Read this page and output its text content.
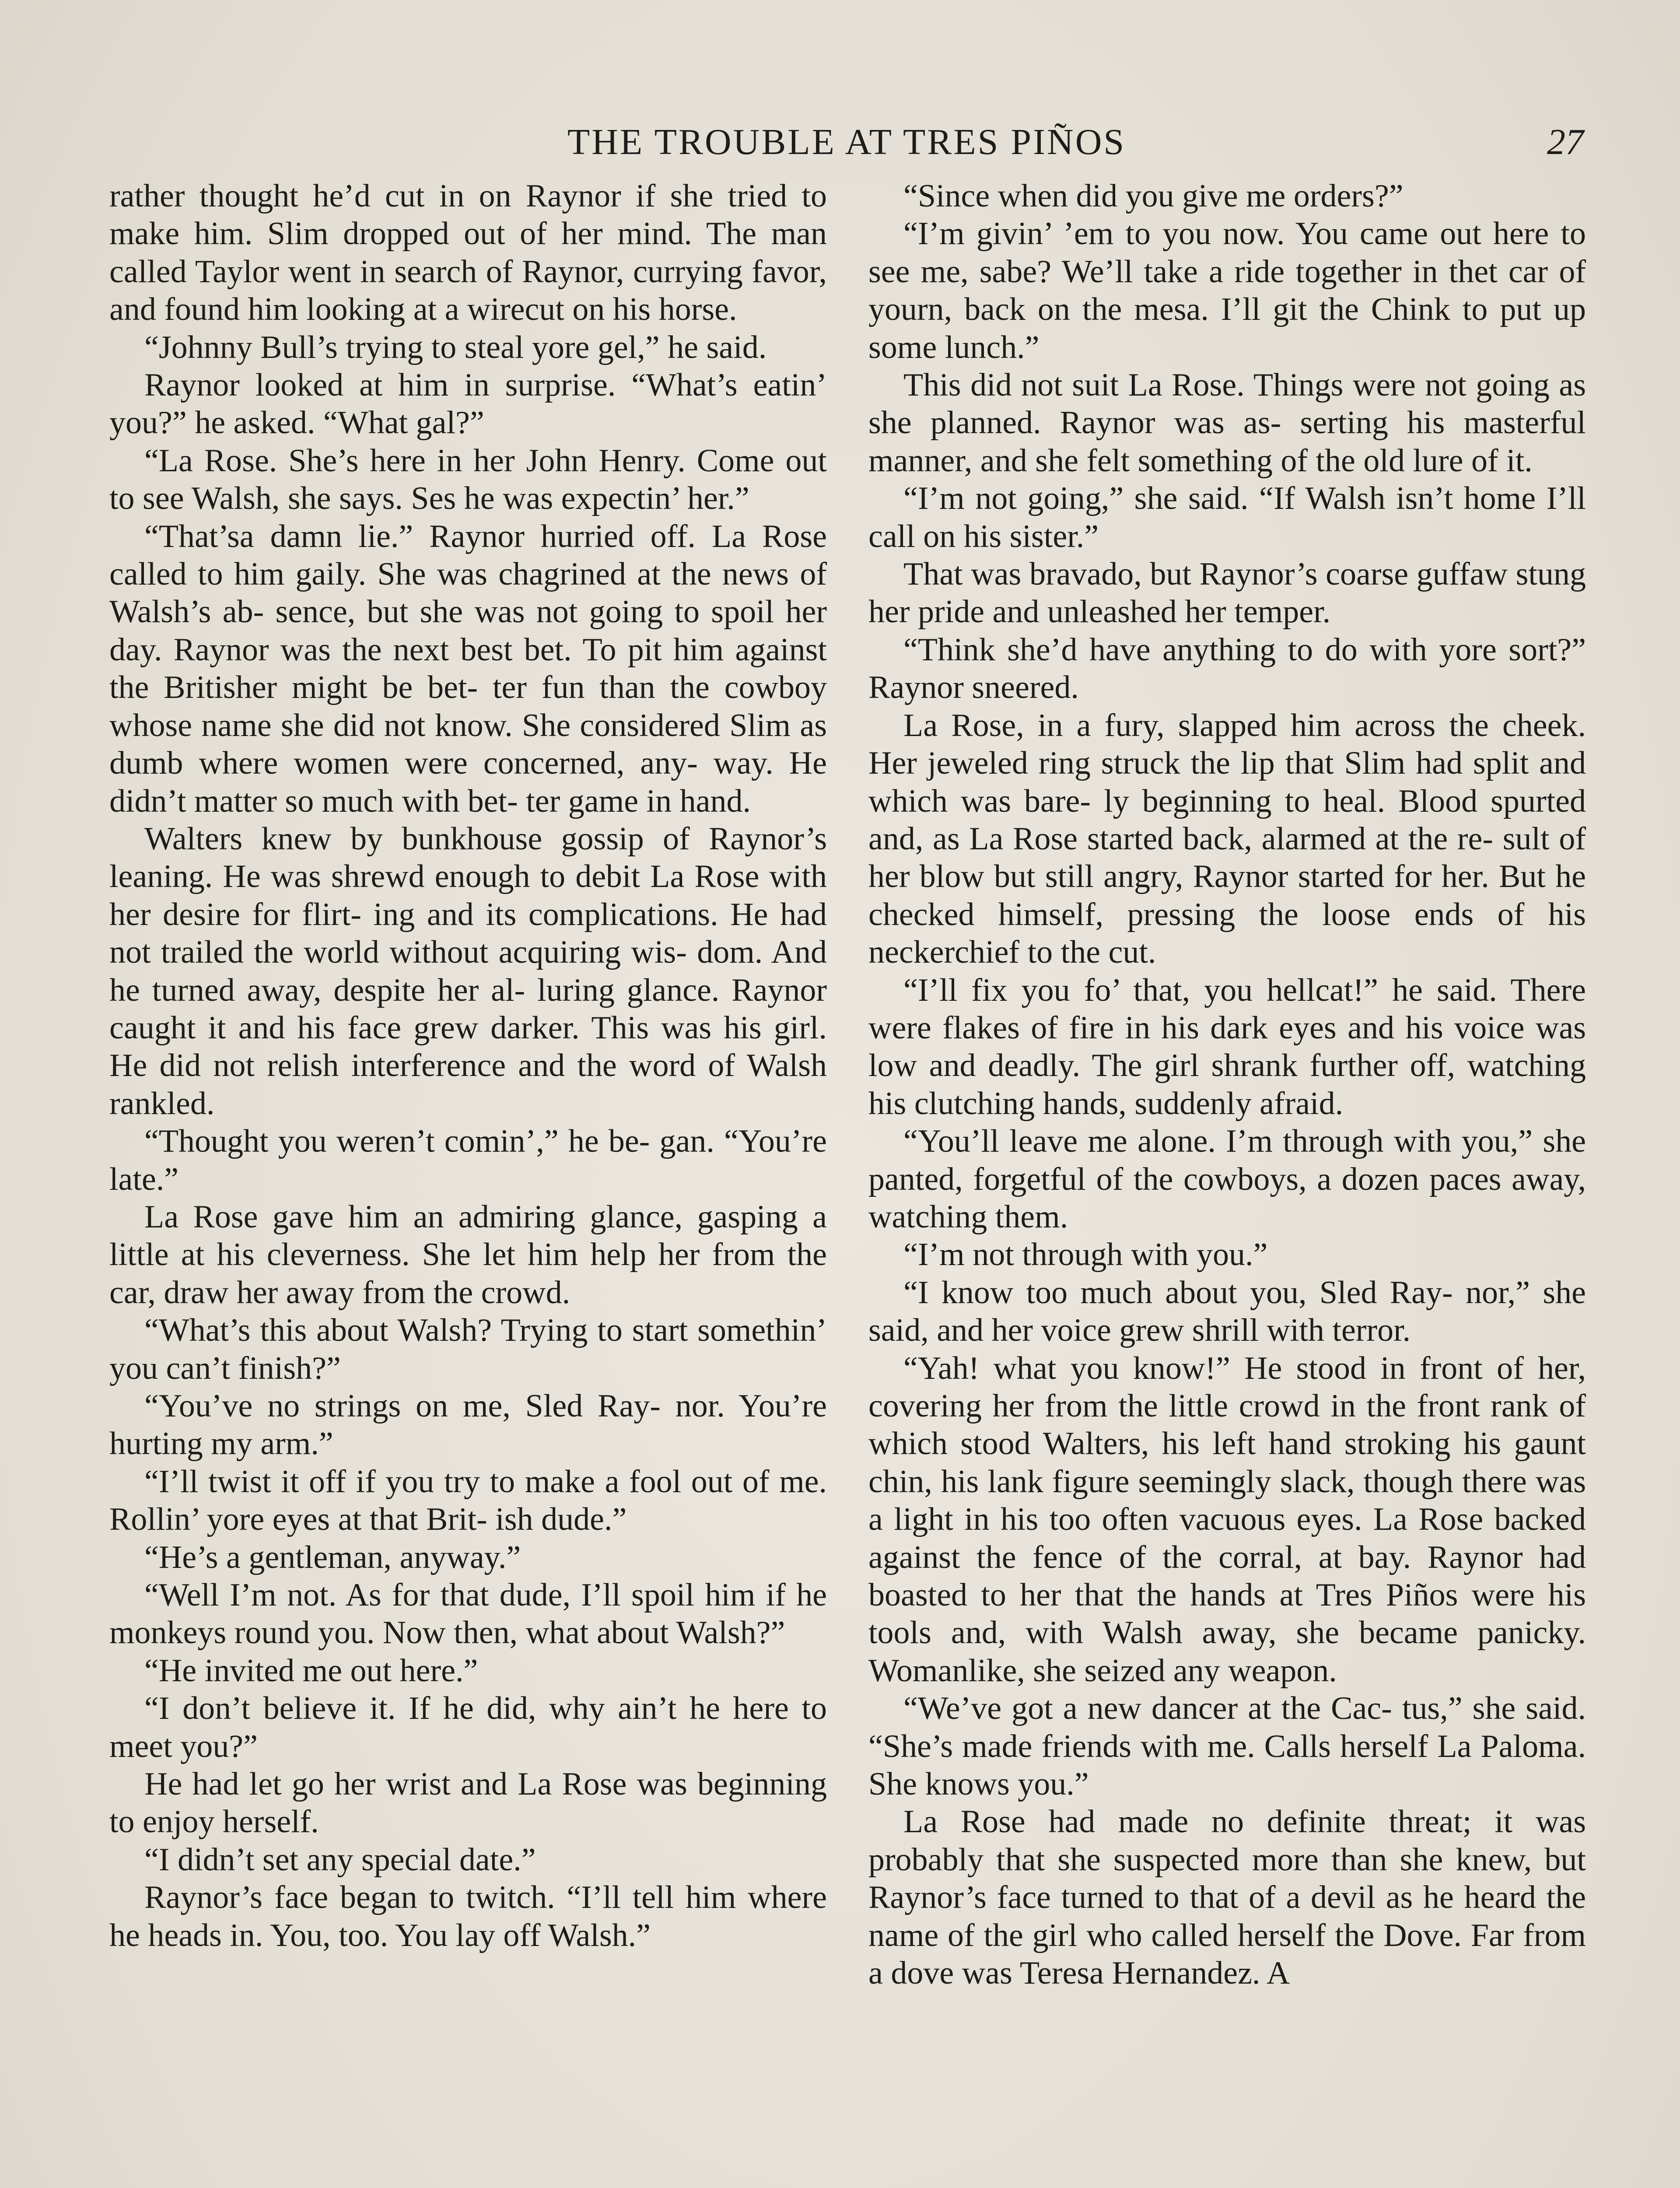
THE TROUBLE AT TRES PIÑOS	27

rather thought he’d cut in on Raynor if she tried to make him. Slim dropped out of her mind. The man called Taylor went in search of Raynor, currying favor, and found him looking at a wirecut on his horse.

“Johnny Bull’s trying to steal yore gel,” he said.

Raynor looked at him in surprise. “What’s eatin’ you?” he asked. “What gal?”

“La Rose. She’s here in her John Henry. Come out to see Walsh, she says. Ses he was expectin’ her.”

“That’sa damn lie.” Raynor hurried off. La Rose called to him gaily. She was chagrined at the news of Walsh’s ab- sence, but she was not going to spoil her day. Raynor was the next best bet. To pit him against the Britisher might be bet- ter fun than the cowboy whose name she did not know. She considered Slim as dumb where women were concerned, any- way. He didn’t matter so much with bet- ter game in hand.

Walters knew by bunkhouse gossip of Raynor’s leaning. He was shrewd enough to debit La Rose with her desire for flirt- ing and its complications. He had not trailed the world without acquiring wis- dom. And he turned away, despite her al- luring glance. Raynor caught it and his face grew darker. This was his girl. He did not relish interference and the word of Walsh rankled.

“Thought you weren’t comin’,” he be- gan. “You’re late.”

La Rose gave him an admiring glance, gasping a little at his cleverness. She let him help her from the car, draw her away from the crowd.

“What’s this about Walsh? Trying to start somethin’ you can’t finish?”

“You’ve no strings on me, Sled Ray- nor. You’re hurting my arm.”

“I’ll twist it off if you try to make a fool out of me. Rollin’ yore eyes at that Brit- ish dude.”

“He’s a gentleman, anyway.”

“Well I’m not. As for that dude, I’ll spoil him if he monkeys round you. Now then, what about Walsh?”

“He invited me out here.”

“I don’t believe it. If he did, why ain’t he here to meet you?”

He had let go her wrist and La Rose was beginning to enjoy herself.

“I didn’t set any special date.”

Raynor’s face began to twitch. “I’ll tell him where he heads in. You, too. You lay off Walsh.”

“Since when did you give me orders?”

“I’m givin’ ’em to you now. You came out here to see me, sabe? We’ll take a ride together in thet car of yourn, back on the mesa. I’ll git the Chink to put up some lunch.”

This did not suit La Rose. Things were not going as she planned. Raynor was as- serting his masterful manner, and she felt something of the old lure of it.

“I’m not going,” she said. “If Walsh isn’t home I’ll call on his sister.”

That was bravado, but Raynor’s coarse guffaw stung her pride and unleashed her temper.

“Think she’d have anything to do with yore sort?” Raynor sneered.

La Rose, in a fury, slapped him across the cheek. Her jeweled ring struck the lip that Slim had split and which was bare- ly beginning to heal. Blood spurted and, as La Rose started back, alarmed at the re- sult of her blow but still angry, Raynor started for her. But he checked himself, pressing the loose ends of his neckerchief to the cut.

“I’ll fix you fo’ that, you hellcat!” he said. There were flakes of fire in his dark eyes and his voice was low and deadly. The girl shrank further off, watching his clutching hands, suddenly afraid.

“You’ll leave me alone. I’m through with you,” she panted, forgetful of the cowboys, a dozen paces away, watching them.

“I’m not through with you.”

“I know too much about you, Sled Ray- nor,” she said, and her voice grew shrill with terror.

“Yah! what you know!” He stood in front of her, covering her from the little crowd in the front rank of which stood Walters, his left hand stroking his gaunt chin, his lank figure seemingly slack, though there was a light in his too often vacuous eyes. La Rose backed against the fence of the corral, at bay. Raynor had boasted to her that the hands at Tres Piños were his tools and, with Walsh away, she became panicky. Womanlike, she seized any weapon.

“We’ve got a new dancer at the Cac- tus,” she said. “She’s made friends with me. Calls herself La Paloma. She knows you.”

La Rose had made no definite threat; it was probably that she suspected more than she knew, but Raynor’s face turned to that of a devil as he heard the name of the girl who called herself the Dove. Far from a dove was Teresa Hernandez. A
